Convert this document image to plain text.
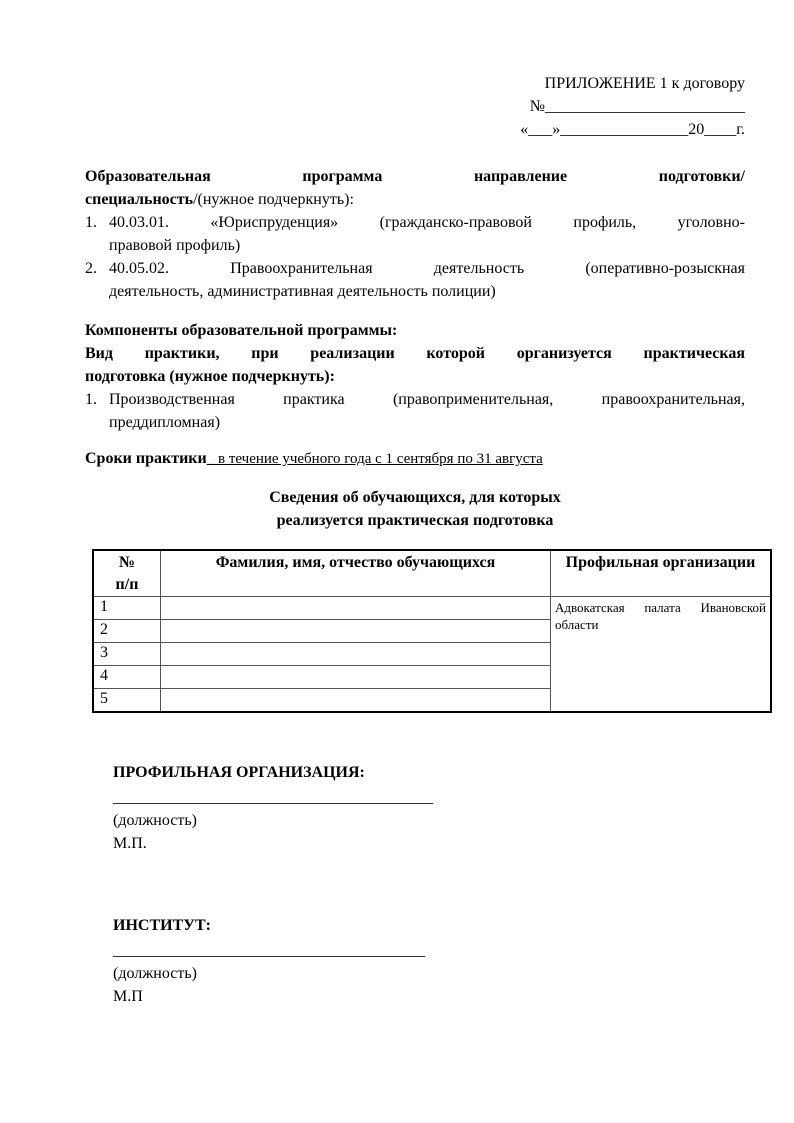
ПРИЛОЖЕНИЕ 1 к договору
№_________________________
«___»________________20____г.
Образовательная программа направление подготовки/
специальность/(нужное подчеркнуть):
1. 40.03.01. «Юриспруденция» (гражданско-правовой профиль, уголовно-
правовой профиль)
2. 40.05.02. Правоохранительная деятельность (оперативно-розыскная
деятельность, административная деятельность полиции)
Компоненты образовательной программы:
Вид практики, при реализации которой организуется практическая
подготовка (нужное подчеркнуть):
1. Производственная практика (правоприменительная, правоохранительная,
преддипломная)
Сроки практики_ в течение учебного года с 1 сентября по 31 августа
Сведения об обучающихся, для которых
реализуется практическая подготовка
№
п/п	Фамилия, имя, отчество обучающихся	Профильная организации
1		Адвокатская палата Ивановской области
2		
3		
4		
5		
ПРОФИЛЬНАЯ ОРГАНИЗАЦИЯ:
________________________________________
(должность)
М.П.
ИНСТИТУТ:
_______________________________________
(должность)
М.П
